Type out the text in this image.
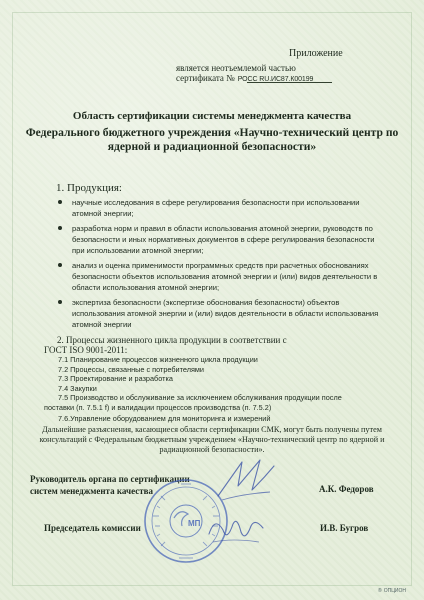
Приложение
является неотъемлемой частью
сертификата № РОСС RU.ИС87.К00199
Область сертификации системы менеджмента качества
Федерального бюджетного учреждения «Научно-технический центр по ядерной и радиационной безопасности»
1. Продукция:
научные исследования в сфере регулирования безопасности при использовании атомной энергии;
разработка норм и правил в области использования атомной энергии, руководств по безопасности и иных нормативных документов в сфере регулирования безопасности при использовании атомной энергии;
анализ и оценка применимости программных средств при расчетных обоснованиях безопасности объектов использования атомной энергии и (или) видов деятельности в области использования атомной энергии;
экспертиза безопасности (экспертизе обоснования безопасности) объектов использования атомной энергии и (или) видов деятельности в области использования атомной энергии
2. Процессы жизненного цикла продукции в соответствии с
ГОСТ ISO 9001-2011:
7.1 Планирование процессов жизненного цикла продукции
7.2 Процессы, связанные с потребителями
7.3 Проектирование и разработка
7.4 Закупки
7.5 Производство и обслуживание за исключением обслуживания продукции после
поставки (п. 7.5.1 f) и валидации процессов производства (п. 7.5.2)
7.6.Управление оборудованием для мониторинга и измерений
Дальнейшие разъяснения, касающиеся области сертификации СМК, могут быть получены путем консультаций с Федеральным бюджетным учреждением «Научно-технический центр по ядерной и радиационной безопасности».
Руководитель органа по сертификации
систем менеджмента качества	А.К. Федоров
Председатель комиссии	И.В. Бугров
МП
® ОПЦИОН
